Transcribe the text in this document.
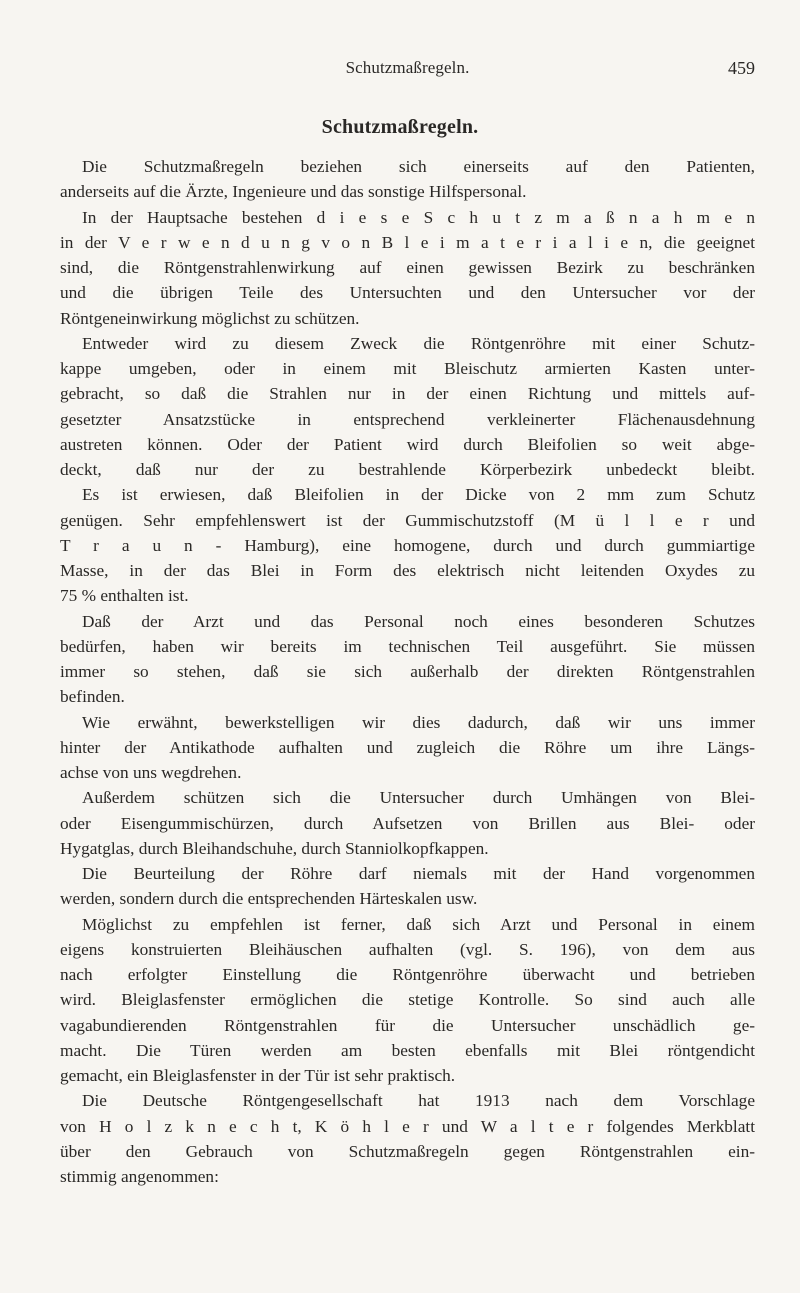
Schutzmaßregeln.	459
Schutzmaßregeln.
Die Schutzmaßregeln beziehen sich einerseits auf den Patienten,
anderseits auf die Ärzte, Ingenieure und das sonstige Hilfspersonal.
In der Hauptsache bestehen d i e s e S c h u t z m a ß n a h m e n
in der V e r w e n d u n g v o n B l e i m a t e r i a l i e n, die geeignet
sind, die Röntgenstrahlenwirkung auf einen gewissen Bezirk zu beschränken
und die übrigen Teile des Untersuchten und den Untersucher vor der
Röntgeneinwirkung möglichst zu schützen.
Entweder wird zu diesem Zweck die Röntgenröhre mit einer Schutz-
kappe umgeben, oder in einem mit Bleischutz armierten Kasten unter-
gebracht, so daß die Strahlen nur in der einen Richtung und mittels auf-
gesetzter Ansatzstücke in entsprechend verkleinerter Flächenausdehnung
austreten können. Oder der Patient wird durch Bleifolien so weit abge-
deckt, daß nur der zu bestrahlende Körperbezirk unbedeckt bleibt.
Es ist erwiesen, daß Bleifolien in der Dicke von 2 mm zum Schutz
genügen. Sehr empfehlenswert ist der Gummischutzstoff (M ü l l e r und
T r a u n - Hamburg), eine homogene, durch und durch gummiartige
Masse, in der das Blei in Form des elektrisch nicht leitenden Oxydes zu
75 % enthalten ist.
Daß der Arzt und das Personal noch eines besonderen Schutzes
bedürfen, haben wir bereits im technischen Teil ausgeführt. Sie müssen
immer so stehen, daß sie sich außerhalb der direkten Röntgenstrahlen
befinden.
Wie erwähnt, bewerkstelligen wir dies dadurch, daß wir uns immer
hinter der Antikathode aufhalten und zugleich die Röhre um ihre Längs-
achse von uns wegdrehen.
Außerdem schützen sich die Untersucher durch Umhängen von Blei-
oder Eisengummischürzen, durch Aufsetzen von Brillen aus Blei- oder
Hygatglas, durch Bleihandschuhe, durch Stanniolkopfkappen.
Die Beurteilung der Röhre darf niemals mit der Hand vorgenommen
werden, sondern durch die entsprechenden Härteskalen usw.
Möglichst zu empfehlen ist ferner, daß sich Arzt und Personal in einem
eigens konstruierten Bleihäuschen aufhalten (vgl. S. 196), von dem aus
nach erfolgter Einstellung die Röntgenröhre überwacht und betrieben
wird. Bleiglasfenster ermöglichen die stetige Kontrolle. So sind auch alle
vagabundierenden Röntgenstrahlen für die Untersucher unschädlich ge-
macht. Die Türen werden am besten ebenfalls mit Blei röntgendicht
gemacht, ein Bleiglasfenster in der Tür ist sehr praktisch.
Die Deutsche Röntgengesellschaft hat 1913 nach dem Vorschlage
von H o l z k n e c h t, K ö h l e r und W a l t e r folgendes Merkblatt
über den Gebrauch von Schutzmaßregeln gegen Röntgenstrahlen ein-
stimmig angenommen:
